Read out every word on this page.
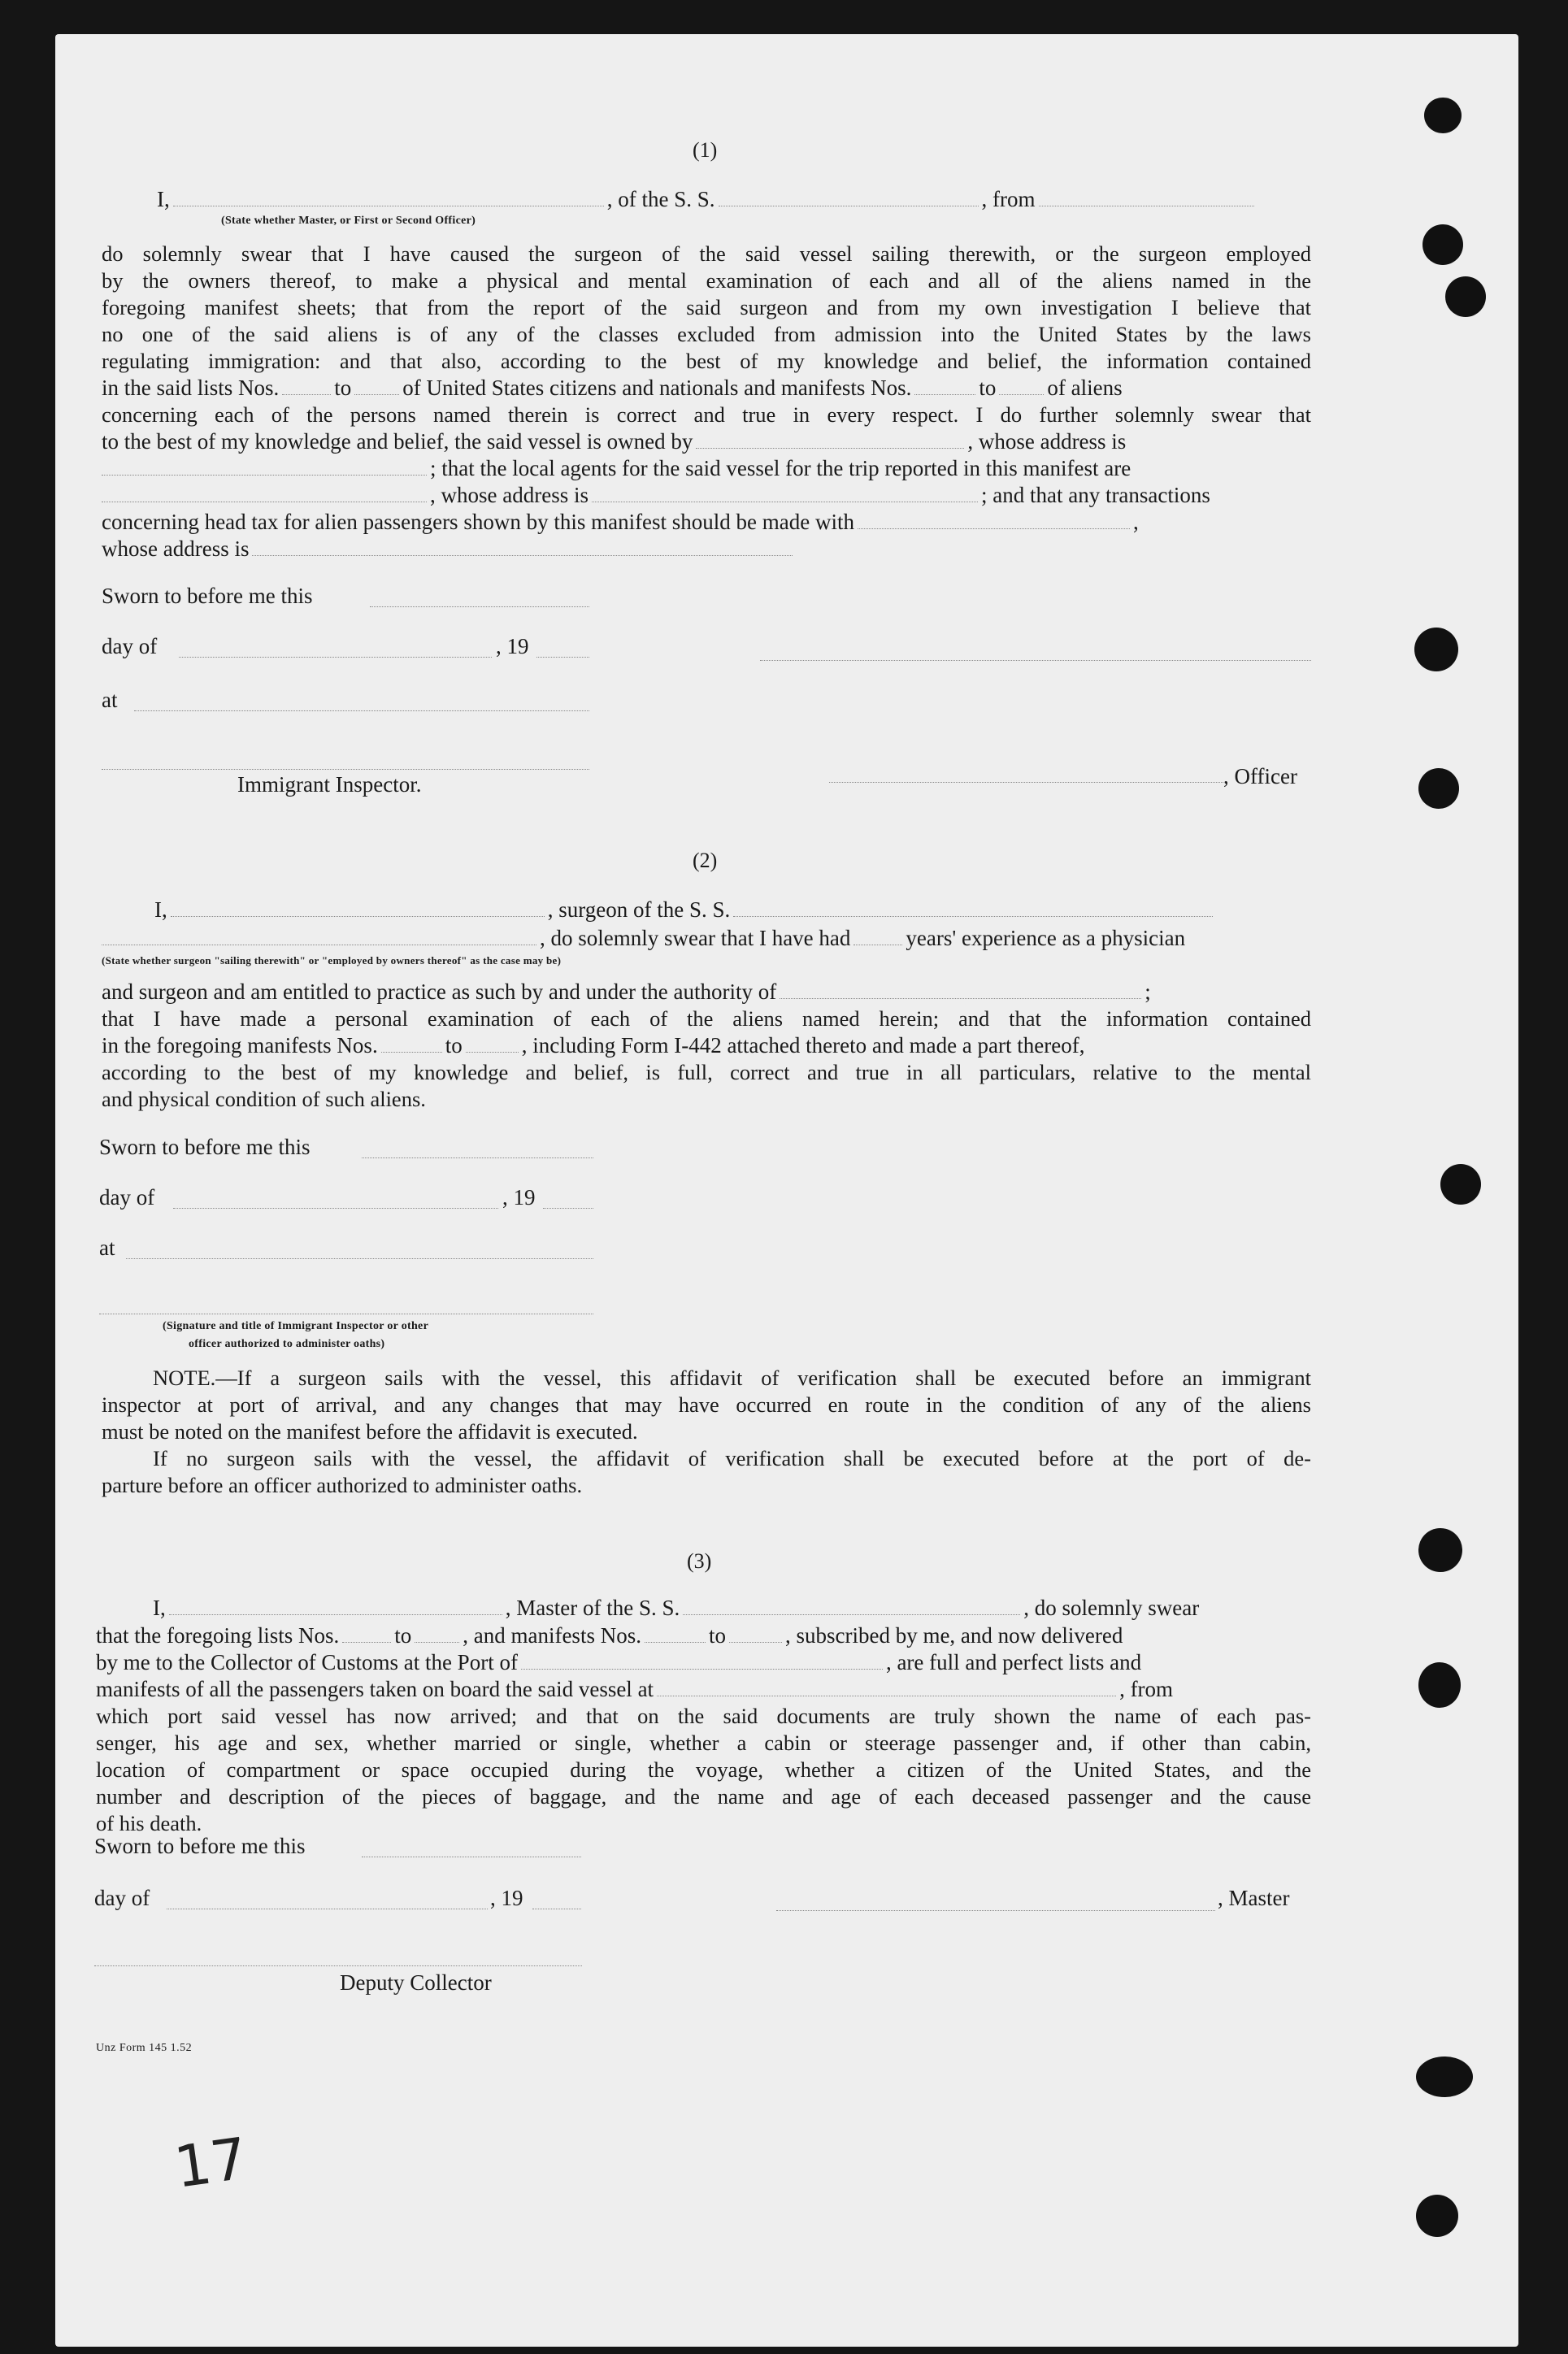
(1)
I,	, of the S. S.	, from
(State whether Master, or First or Second Officer)
do solemnly swear that I have caused the surgeon of the said vessel sailing therewith, or the surgeon employed
by the owners thereof, to make a physical and mental examination of each and all of the aliens named in the
foregoing manifest sheets; that from the report of the said surgeon and from my own investigation I believe that
no one of the said aliens is of any of the classes excluded from admission into the United States by the laws
regulating immigration: and that also, according to the best of my knowledge and belief, the information contained
in the said lists Nos.	to of United States citizens and nationals and manifests Nos.	to of aliens
concerning each of the persons named therein is correct and true in every respect. I do further solemnly swear that
to the best of my knowledge and belief, the said vessel is owned by	, whose address is
; that the local agents for the said vessel for the trip reported in this manifest are
, whose address is	; and that any transactions
concerning head tax for alien passengers shown by this manifest should be made with	,
whose address is
Sworn to before me this
day of	, 19
at
Immigrant Inspector.	, Officer
(2)
I,	, surgeon of the S. S.
, do solemnly swear that I have had	years' experience as a physician
(State whether surgeon "sailing therewith" or "employed by owners thereof" as the case may be)
and surgeon and am entitled to practice as such by and under the authority of	;
that I have made a personal examination of each of the aliens named herein; and that the information contained
in the foregoing manifests Nos.	to	, including Form I-442 attached thereto and made a part thereof,
according to the best of my knowledge and belief, is full, correct and true in all particulars, relative to the mental
and physical condition of such aliens.
Sworn to before me this
day of	, 19
at
(Signature and title of Immigrant Inspector or other
officer authorized to administer oaths)
NOTE.—If a surgeon sails with the vessel, this affidavit of verification shall be executed before an immigrant
inspector at port of arrival, and any changes that may have occurred en route in the condition of any of the aliens
must be noted on the manifest before the affidavit is executed.
If no surgeon sails with the vessel, the affidavit of verification shall be executed before at the port of de-
parture before an officer authorized to administer oaths.
(3)
I,	, Master of the S. S.	, do solemnly swear
that the foregoing lists Nos.	to , and manifests Nos.	to	, subscribed by me, and now delivered
by me to the Collector of Customs at the Port of	, are full and perfect lists and
manifests of all the passengers taken on board the said vessel at	, from
which port said vessel has now arrived; and that on the said documents are truly shown the name of each pas-
senger, his age and sex, whether married or single, whether a cabin or steerage passenger and, if other than cabin,
location of compartment or space occupied during the voyage, whether a citizen of the United States, and the
number and description of the pieces of baggage, and the name and age of each deceased passenger and the cause
of his death.
Sworn to before me this
day of	, 19	, Master
Deputy Collector
Unz Form 145 1.52
17
